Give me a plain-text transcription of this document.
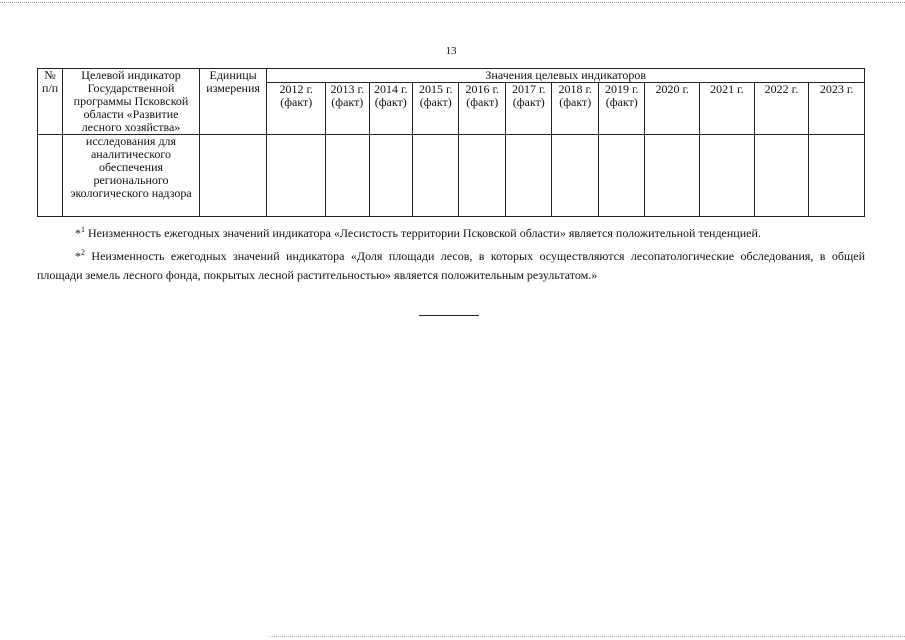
13
№ п/п	Целевой индикатор Государственной программы Псковской области «Развитие лесного хозяйства»	Единицы измерения	Значения целевых индикаторов											
			2012 г. (факт)	2013 г. (факт)	2014 г. (факт)	2015 г. (факт)	2016 г. (факт)	2017 г. (факт)	2018 г. (факт)	2019 г. (факт)	2020 г.	2021 г.	2022 г.	2023 г.
	исследования для аналитического обеспечения регионального экологического надзора													

*$^1$ Неизменность ежегодных значений индикатора «Лесистость территории Псковской области» является положительной тенденцией.

*$^2$ Неизменность ежегодных значений индикатора «Доля площади лесов, в которых осуществляются лесопатологические обследования, в общей площади земель лесного фонда, покрытых лесной растительностью» является положительным результатом.»
